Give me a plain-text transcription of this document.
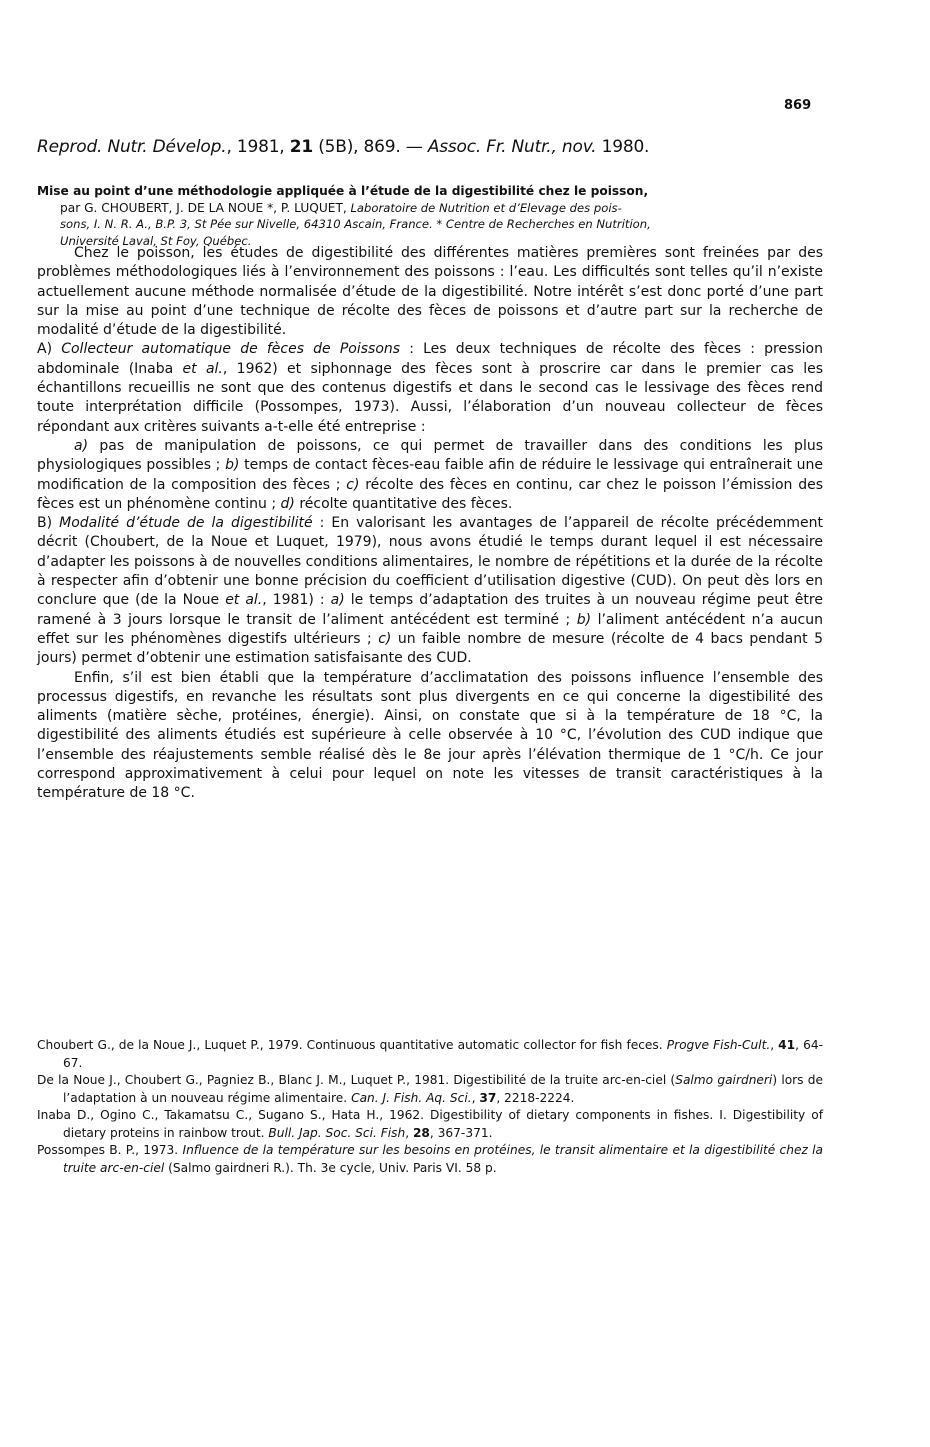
869
Reprod. Nutr. Dévelop., 1981, 21 (5B), 869. — Assoc. Fr. Nutr., nov. 1980.
Mise au point d’une méthodologie appliquée à l’étude de la digestibilité chez le poisson,
par G. CHOUBERT, J. DE LA NOUE *, P. LUQUET, Laboratoire de Nutrition et d’Elevage des pois-
sons, I. N. R. A., B.P. 3, St Pée sur Nivelle, 64310 Ascain, France. * Centre de Recherches en Nutrition,
Université Laval, St Foy, Québec.

Chez le poisson, les études de digestibilité des différentes matières premières sont freinées par des problèmes méthodologiques liés à l’environnement des poissons : l’eau. Les difficultés sont telles qu’il n’existe actuellement aucune méthode normalisée d’étude de la digestibilité. Notre intérêt s’est donc porté d’une part sur la mise au point d’une technique de récolte des fèces de poissons et d’autre part sur la recherche de modalité d’étude de la digestibilité.

A) Collecteur automatique de fèces de Poissons : Les deux techniques de récolte des fèces : pression abdominale (Inaba et al., 1962) et siphonnage des fèces sont à proscrire car dans le premier cas les échantillons recueillis ne sont que des contenus digestifs et dans le second cas le lessivage des fèces rend toute interprétation difficile (Possompes, 1973). Aussi, l’élaboration d’un nouveau collecteur de fèces répondant aux critères suivants a-t-elle été entreprise :

a) pas de manipulation de poissons, ce qui permet de travailler dans des conditions les plus physiologiques possibles ; b) temps de contact fèces-eau faible afin de réduire le lessivage qui entraînerait une modification de la composition des fèces ; c) récolte des fèces en continu, car chez le poisson l’émission des fèces est un phénomène continu ; d) récolte quantitative des fèces.

B) Modalité d’étude de la digestibilité : En valorisant les avantages de l’appareil de récolte précédemment décrit (Choubert, de la Noue et Luquet, 1979), nous avons étudié le temps durant lequel il est nécessaire d’adapter les poissons à de nouvelles conditions alimentaires, le nombre de répétitions et la durée de la récolte à respecter afin d’obtenir une bonne précision du coefficient d’utilisation digestive (CUD). On peut dès lors en conclure que (de la Noue et al., 1981) : a) le temps d’adaptation des truites à un nouveau régime peut être ramené à 3 jours lorsque le transit de l’aliment antécédent est terminé ; b) l’aliment antécédent n’a aucun effet sur les phénomènes digestifs ultérieurs ; c) un faible nombre de mesure (récolte de 4 bacs pendant 5 jours) permet d’obtenir une estimation satisfaisante des CUD.

Enfin, s’il est bien établi que la température d’acclimatation des poissons influence l’ensemble des processus digestifs, en revanche les résultats sont plus divergents en ce qui concerne la digestibilité des aliments (matière sèche, protéines, énergie). Ainsi, on constate que si à la température de 18 °C, la digestibilité des aliments étudiés est supérieure à celle observée à 10 °C, l’évolution des CUD indique que l’ensemble des réajustements semble réalisé dès le 8e jour après l’élévation thermique de 1 °C/h. Ce jour correspond approximativement à celui pour lequel on note les vitesses de transit caractéristiques à la température de 18 °C.

Choubert G., de la Noue J., Luquet P., 1979. Continuous quantitative automatic collector for fish feces. Progve Fish-Cult., 41, 64-67.

De la Noue J., Choubert G., Pagniez B., Blanc J. M., Luquet P., 1981. Digestibilité de la truite arc-en-ciel (Salmo gairdneri) lors de l’adaptation à un nouveau régime alimentaire. Can. J. Fish. Aq. Sci., 37, 2218-2224.

Inaba D., Ogino C., Takamatsu C., Sugano S., Hata H., 1962. Digestibility of dietary components in fishes. I. Digestibility of dietary proteins in rainbow trout. Bull. Jap. Soc. Sci. Fish, 28, 367-371.

Possompes B. P., 1973. Influence de la température sur les besoins en protéines, le transit alimentaire et la digestibilité chez la truite arc-en-ciel (Salmo gairdneri R.). Th. 3e cycle, Univ. Paris VI. 58 p.
